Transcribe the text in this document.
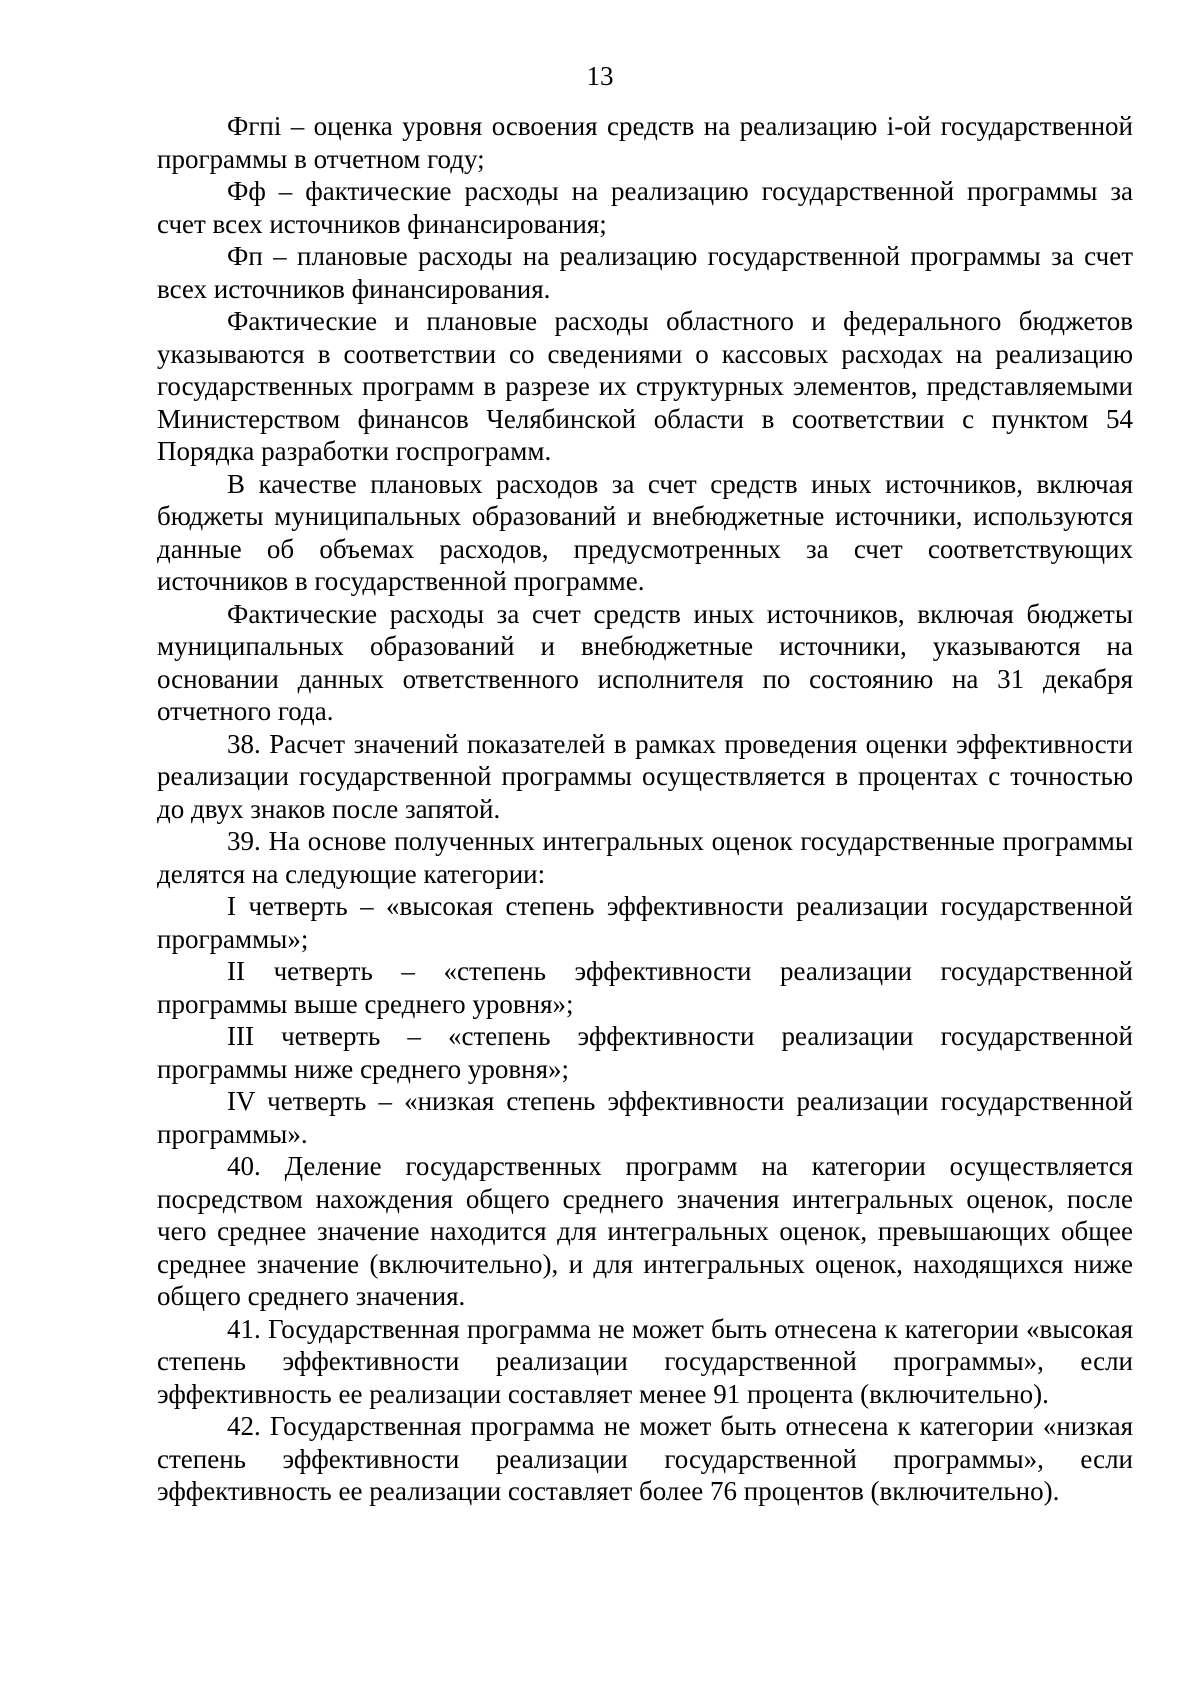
13

Фгпi – оценка уровня освоения средств на реализацию i-ой государственной программы в отчетном году;

Фф – фактические расходы на реализацию государственной программы за счет всех источников финансирования;

Фп – плановые расходы на реализацию государственной программы за счет всех источников финансирования.

Фактические и плановые расходы областного и федерального бюджетов указываются в соответствии со сведениями о кассовых расходах на реализацию государственных программ в разрезе их структурных элементов, представляемыми Министерством финансов Челябинской области в соответствии с пунктом 54 Порядка разработки госпрограмм.

В качестве плановых расходов за счет средств иных источников, включая бюджеты муниципальных образований и внебюджетные источники, используются данные об объемах расходов, предусмотренных за счет соответствующих источников в государственной программе.

Фактические расходы за счет средств иных источников, включая бюджеты муниципальных образований и внебюджетные источники, указываются на основании данных ответственного исполнителя по состоянию на 31 декабря отчетного года.

38. Расчет значений показателей в рамках проведения оценки эффективности реализации государственной программы осуществляется в процентах с точностью до двух знаков после запятой.

39. На основе полученных интегральных оценок государственные программы делятся на следующие категории:

I четверть – «высокая степень эффективности реализации государственной программы»;

II четверть – «степень эффективности реализации государственной программы выше среднего уровня»;

III четверть – «степень эффективности реализации государственной программы ниже среднего уровня»;

IV четверть – «низкая степень эффективности реализации государственной программы».

40. Деление государственных программ на категории осуществляется посредством нахождения общего среднего значения интегральных оценок, после чего среднее значение находится для интегральных оценок, превышающих общее среднее значение (включительно), и для интегральных оценок, находящихся ниже общего среднего значения.

41. Государственная программа не может быть отнесена к категории «высокая степень эффективности реализации государственной программы», если эффективность ее реализации составляет менее 91 процента (включительно).

42. Государственная программа не может быть отнесена к категории «низкая степень эффективности реализации государственной программы», если эффективность ее реализации составляет более 76 процентов (включительно).
